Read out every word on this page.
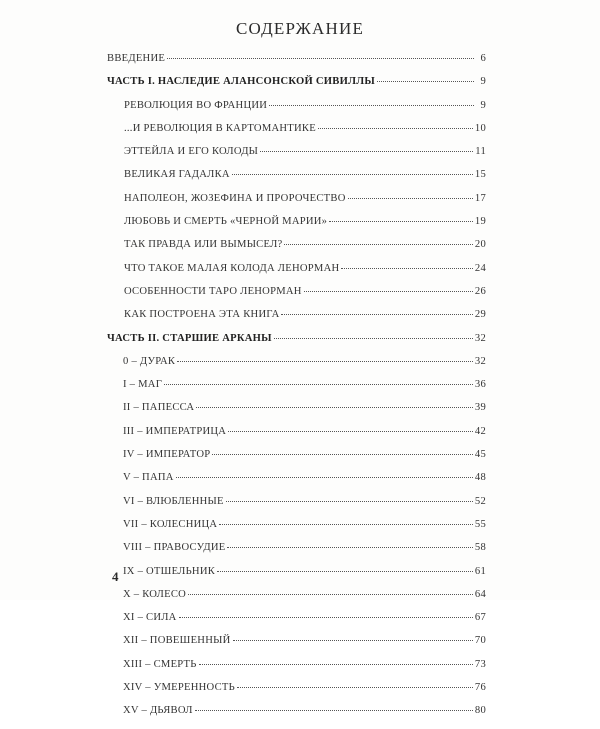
СОДЕРЖАНИЕ
ВВЕДЕНИЕ	6
ЧАСТЬ I. НАСЛЕДИЕ АЛАНСОНСКОЙ СИВИЛЛЫ	9
РЕВОЛЮЦИЯ ВО ФРАНЦИИ	9
...И РЕВОЛЮЦИЯ В КАРТОМАНТИКЕ	10
ЭТТЕЙЛА И ЕГО КОЛОДЫ	11
ВЕЛИКАЯ ГАДАЛКА	15
НАПОЛЕОН, ЖОЗЕФИНА И ПРОРОЧЕСТВО	17
ЛЮБОВЬ И СМЕРТЬ «ЧЕРНОЙ МАРИИ»	19
ТАК ПРАВДА ИЛИ ВЫМЫСЕЛ?	20
ЧТО ТАКОЕ МАЛАЯ КОЛОДА ЛЕНОРМАН	24
ОСОБЕННОСТИ ТАРО ЛЕНОРМАН	26
КАК ПОСТРОЕНА ЭТА КНИГА	29
ЧАСТЬ II. СТАРШИЕ АРКАНЫ	32
0 – ДУРАК	32
I – МАГ	36
II – ПАПЕССА	39
III – ИМПЕРАТРИЦА	42
IV – ИМПЕРАТОР	45
V – ПАПА	48
VI – ВЛЮБЛЕННЫЕ	52
VII – КОЛЕСНИЦА	55
VIII – ПРАВОСУДИЕ	58
IX – ОТШЕЛЬНИК	61
X – КОЛЕСО	64
XI – СИЛА	67
XII – ПОВЕШЕННЫЙ	70
XIII – СМЕРТЬ	73
XIV – УМЕРЕННОСТЬ	76
XV – ДЬЯВОЛ	80
4
